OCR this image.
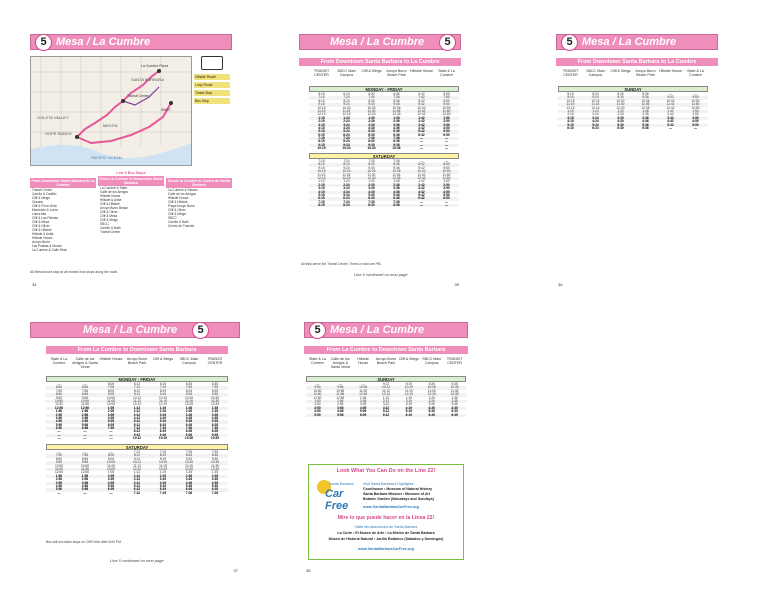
5 Mesa / La Cumbre
GOLETA VALLEY
HOPE RANCH
MESITA
SANTA BARBARA
PACIFIC OCEAN
La Cumbre Plaza
SBCC
Transit Center
Hillside Route
Loop Route
Timed Stop
Bus Stop
From Downtown Santa Barbara to La Cumbre
Transit Center
Carrillo & Castillo
Cliff & Meigs
Oceano
Cliff & Flora Vista
Montecito & Loma
Loma Alta
Cliff & Las Palmas
Cliff & Mesa
Cliff & Oliver
Cliff & Hillside
Hillside & Anita
Hillside House
Arroyo Burro
Las Positas & Modoc
La Cumbre & Calle Real
Line 5 Bus Stops
From La Cumbre to Downtown Santa Barbara
La Cumbre & State
Calle de los Amigos
Hillside House
Hillside & Anita
Cliff & Hillside
Arroyo Burro Beach
Cliff & Oliver
Cliff & Mesa
Cliff & Meigs
SBCC
Carrillo & Bath
Transit Center
Desde la Cumbre al Centro de Santa Barbara
La Cumbre & Estado
Calle de los Amigos
Hillside House
Cliff & Hillside
Playa Arroyo Burro
Cliff & Oliver
Cliff & Meigs
SBCC
Carrillo & Bath
Centro de Transito
All Mesa buses stop at all marked bus stops along the route.
34
Mesa / La Cumbre	5
From Downtown Santa Barbara to La Cumbre
TRANSIT CENTER
SBCC Main Campus
Cliff & Meigs	Arroyo Burro Beach Park
Hillside House	State & La Cumbre
MONDAY - FRIDAY
6:15	6:24	6:30	6:36	6:42	6:50
7:15	7:24	7:30	7:36	7:42	7:50
8:15	8:24	8:30	8:36	8:42	8:50
9:15	9:24	9:30	9:36	9:42	9:50
10:15	10:24	10:30	10:36	10:42	10:50
11:15	11:24	11:30	11:36	11:42	11:50
12:15	12:24	12:30	12:36	12:42	12:50
1:15	1:24	1:30	1:36	1:42	1:50
2:15	2:24	2:30	2:36	2:42	2:50
3:15	3:24	3:30	3:36	3:42	3:50
4:15	4:24	4:30	4:36	4:42	4:50
5:15	5:24	5:30	5:36	5:42	5:50
6:15	6:24	6:30	6:36	6:42	6:50
7:15	7:24	7:30	7:36	—	—
8:15	8:24	8:30	8:36	—	—
9:15	9:24	9:30	9:36	—	—
10:15	10:24	10:30	10:36	—	—
SATURDAY
7:15	7:24	7:30	7:36	—	—
8:15	8:24	8:30	8:36	8:42	8:50
9:15	9:24	9:30	9:36	9:42	9:50
10:15	10:24	10:30	10:36	10:42	10:50
11:15	11:24	11:30	11:36	11:42	11:50
12:15	12:24	12:30	12:36	12:42	12:50
1:15	1:24	1:30	1:36	1:42	1:50
2:15	2:24	2:30	2:36	2:42	2:50
3:15	3:24	3:30	3:36	3:42	3:50
4:15	4:24	4:30	4:36	4:42	4:50
5:15	5:24	5:30	5:36	5:42	5:50
6:15	6:24	6:30	6:36	6:42	6:50
7:15	7:24	7:30	7:36	—	—
8:15	8:24	8:30	8:36	—	—
All trips serve the Transit Center. Times in bold are PM.
Line 5 continued on next page
35
5 Mesa / La Cumbre
From Downtown Santa Barbara to La Cumbre
TRANSIT CENTER
SBCC Main Campus
Cliff & Meigs	Arroyo Burro Beach Park
Hillside House	State & La Cumbre
SUNDAY
8:15	8:24	8:30	8:36	—	—
9:15	9:24	9:30	9:36	9:42	9:50
10:15	10:24	10:30	10:36	10:42	10:50
11:15	11:24	11:30	11:36	11:42	11:50
12:15	12:24	12:30	12:36	12:42	12:50
1:15	1:24	1:30	1:36	1:42	1:50
2:15	2:24	2:30	2:36	2:42	2:50
3:15	3:24	3:30	3:36	3:42	3:50
4:15	4:24	4:30	4:36	4:42	4:50
5:15	5:24	5:30	5:36	5:42	5:50
6:15	6:24	6:30	6:36	—	—
36
Mesa / La Cumbre	5
From La Cumbre to Downtown Santa Barbara
State & La Cumbre
Calle de los Amigos & Santa Venia
Hillside House	Arroyo Burro Beach Park
Cliff & Meigs	SBCC Main Campus
TRANSIT CENTER
MONDAY - FRIDAY
—	—	6:05	6:12	6:19	6:26	6:35
6:50	6:56	7:05	7:12	7:19	7:26	7:35
7:50	7:56	8:05	8:12	8:19	8:26	8:35
8:50	8:56	9:05	9:12	9:19	9:26	9:35
9:50	9:56	10:05	10:12	10:19	10:26	10:35
10:50	10:56	11:05	11:12	11:19	11:26	11:35
11:50	11:56	12:05	12:12	12:19	12:26	12:35
12:50	12:56	1:05	1:12	1:19	1:26	1:35
1:50	1:56	2:05	2:12	2:19	2:26	2:35
2:50	2:56	3:05	3:12	3:19	3:26	3:35
3:50	3:56	4:05	4:12	4:19	4:26	4:35
4:50	4:56	5:05	5:12	5:19	5:26	5:35
5:50	5:56	6:05	6:12	6:19	6:26	6:35
6:50	6:56	7:05	7:12	7:19	7:26	7:35
—	—	—	8:12	8:19	8:26	8:35
—	—	—	9:12	9:19	9:26	9:35
—	—	—	10:12	10:19	10:26	10:35
SATURDAY
—	—	—	7:12	7:19	7:26	7:35
7:50	7:56	8:05	8:12	8:19	8:26	8:35
8:50	8:56	9:05	9:12	9:19	9:26	9:35
9:50	9:56	10:05	10:12	10:19	10:26	10:35
10:50	10:56	11:05	11:12	11:19	11:26	11:35
11:50	11:56	12:05	12:12	12:19	12:26	12:35
12:50	12:56	1:05	1:12	1:19	1:26	1:35
1:50	1:56	2:05	2:12	2:19	2:26	2:35
2:50	2:56	3:05	3:12	3:19	3:26	3:35
3:50	3:56	4:05	4:12	4:19	4:26	4:35
4:50	4:56	5:05	5:12	5:19	5:26	5:35
5:50	5:56	6:05	6:12	6:19	6:26	6:35
—	—	—	7:12	7:19	7:26	7:35
Bus will not make stops on Cliff Drive after 8:00 PM.
Line 5 continued on next page
37
5 Mesa / La Cumbre
From La Cumbre to Downtown Santa Barbara
State & La Cumbre
Calle de los Amigos & Santa Venia
Hillside House
Arroyo Burro Beach Park
Cliff & Meigs SBCC Main Campus
TRANSIT CENTER
SUNDAY
—	—	—	9:12	9:19	9:26	9:35
9:50	9:56	10:05	10:12	10:19	10:26	10:35
10:50	10:56	11:05	11:12	11:19	11:26	11:35
11:50	11:56	12:05	12:12	12:19	12:26	12:35
12:50	12:56	1:05	1:12	1:19	1:26	1:35
1:50	1:56	2:05	2:12	2:19	2:26	2:35
2:50	2:56	3:05	3:12	3:19	3:26	3:35
3:50	3:56	4:05	4:12	4:19	4:26	4:35
4:50	4:56	5:05	5:12	5:19	5:26	5:35
5:50	5:56	6:05	6:12	6:19	6:26	6:35
Look What You Can Do on the Line 22!
Santa Barbara
Car Free
Visit Santa Barbara's Highlights:
Courthouse • Museum of Natural History
Santa Barbara Mission • Museum of Art
Botanic Garden (Saturdays and Sundays)
www.SantaBarbaraCarFree.org
Mire lo que puede hacer en la Linea 22!
Visite las atracciones de Santa Barbara
La Corte • El Museo de Arte • La Misión de Santa Barbara
Museo de Historia Natural • Jardín Botánico (Sábados y Domingos)
www.SantaBarbaraCarFree.org
38
